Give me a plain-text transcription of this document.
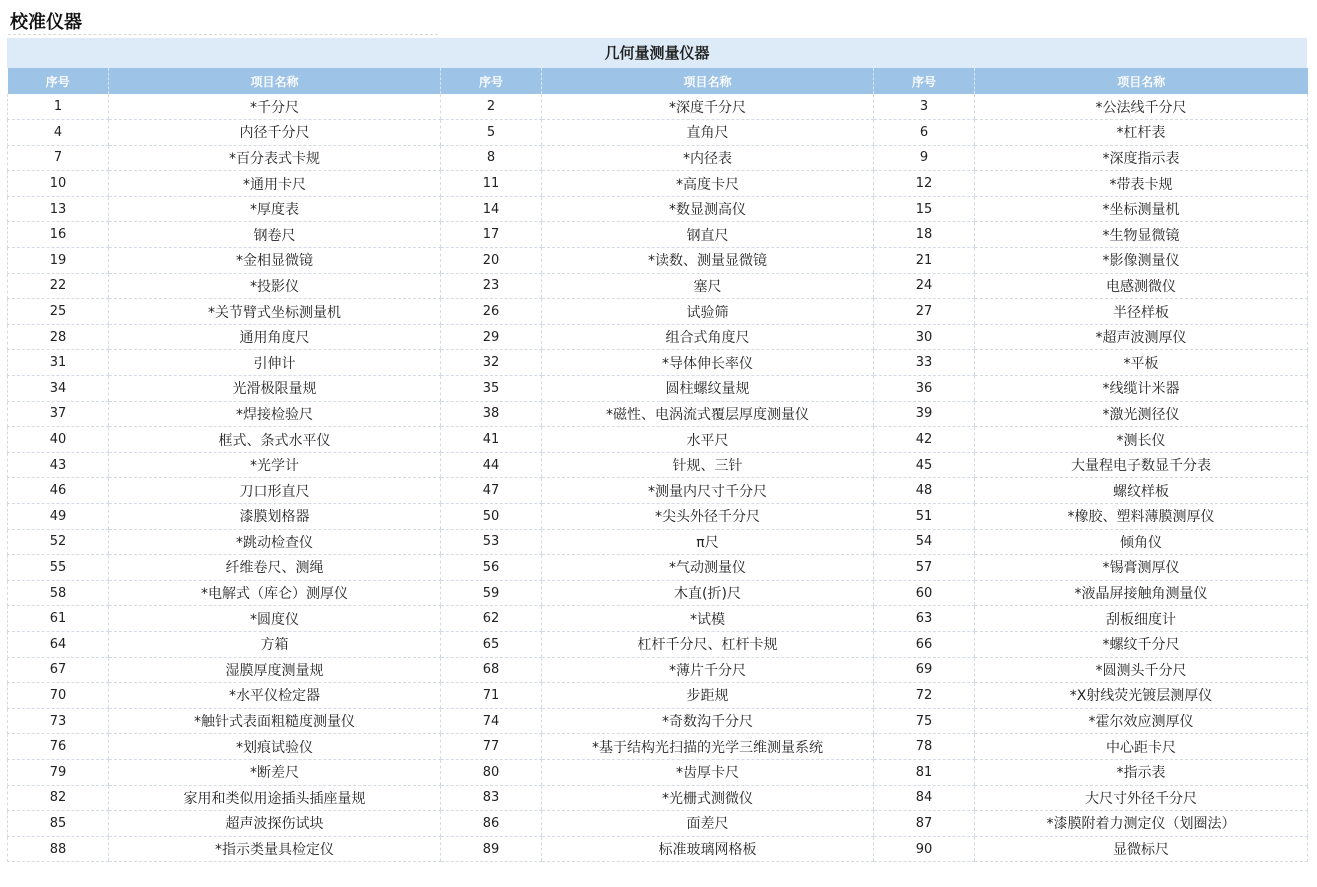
校准仪器
几何量测量仪器
序号	项目名称	序号	项目名称	序号	项目名称
1	*千分尺	2	*深度千分尺	3	*公法线千分尺
4	内径千分尺	5	直角尺	6	*杠杆表
7	*百分表式卡规	8	*内径表	9	*深度指示表
10	*通用卡尺	11	*高度卡尺	12	*带表卡规
13	*厚度表	14	*数显测高仪	15	*坐标测量机
16	钢卷尺	17	钢直尺	18	*生物显微镜
19	*金相显微镜	20	*读数、测量显微镜	21	*影像测量仪
22	*投影仪	23	塞尺	24	电感测微仪
25	*关节臂式坐标测量机	26	试验筛	27	半径样板
28	通用角度尺	29	组合式角度尺	30	*超声波测厚仪
31	引伸计	32	*导体伸长率仪	33	*平板
34	光滑极限量规	35	圆柱螺纹量规	36	*线缆计米器
37	*焊接检验尺	38	*磁性、电涡流式覆层厚度测量仪	39	*激光测径仪
40	框式、条式水平仪	41	水平尺	42	*测长仪
43	*光学计	44	针规、三针	45	大量程电子数显千分表
46	刀口形直尺	47	*测量内尺寸千分尺	48	螺纹样板
49	漆膜划格器	50	*尖头外径千分尺	51	*橡胶、塑料薄膜测厚仪
52	*跳动检查仪	53	π尺	54	倾角仪
55	纤维卷尺、测绳	56	*气动测量仪	57	*锡膏测厚仪
58	*电解式（库仑）测厚仪	59	木直(折)尺	60	*液晶屏接触角测量仪
61	*圆度仪	62	*试模	63	刮板细度计
64	方箱	65	杠杆千分尺、杠杆卡规	66	*螺纹千分尺
67	湿膜厚度测量规	68	*薄片千分尺	69	*圆测头千分尺
70	*水平仪检定器	71	步距规	72	*X射线荧光镀层测厚仪
73	*触针式表面粗糙度测量仪	74	*奇数沟千分尺	75	*霍尔效应测厚仪
76	*划痕试验仪	77	*基于结构光扫描的光学三维测量系统	78	中心距卡尺
79	*断差尺	80	*齿厚卡尺	81	*指示表
82	家用和类似用途插头插座量规	83	*光栅式测微仪	84	大尺寸外径千分尺
85	超声波探伤试块	86	面差尺	87	*漆膜附着力测定仪（划圈法）
88	*指示类量具检定仪	89	标准玻璃网格板	90	显微标尺
